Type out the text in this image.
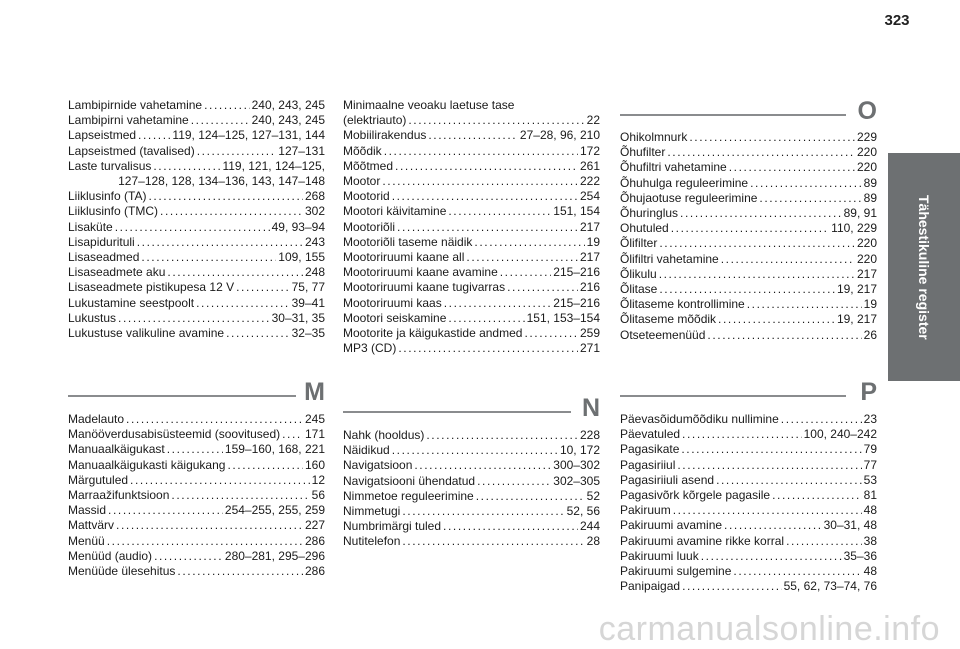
323
Tähestikuline register
Lambipirnide vahetamine .....	240, 243, 245
Lambipirni vahetamine .....	240, 243, 245
Lapseistmed .....	119, 124–125, 127–131, 144
Lapseistmed (tavalised) .....	127–131
Laste turvalisus .....	119, 121, 124–125,
127–128, 128, 134–136, 143, 147–148
Liiklusinfo (TA) .....	268
Liiklusinfo (TMC) .....	302
Lisaküte .....	49, 93–94
Lisapidurituli .....	243
Lisaseadmed .....	109, 155
Lisaseadmete aku .....	248
Lisaseadmete pistikupesa 12 V .....	75, 77
Lukustamine seestpoolt .....	39–41
Lukustus .....	30–31, 35
Lukustuse valikuline avamine .....	32–35
M
Madelauto .....	245
Manööverdusabisüsteemid (soovitused) ..... 171
Manuaalkäigukast .....	159–160, 168, 221
Manuaalkäigukasti käigukang .....	160
Märgutuled .....	12
Marraažifunktsioon .....	56
Massid .....	254–255, 255, 259
Mattvärv .....	227
Menüü .....	286
Menüüd (audio) .....	280–281, 295–296
Menüüde ülesehitus .....	286
Minimaalne veoaku laetuse tase
(elektriauto) .....	22
Mobiilirakendus .....	27–28, 96, 210
Mõõdik .....	172
Mõõtmed .....	261
Mootor .....	222
Mootorid .....	254
Mootori käivitamine .....	151, 154
Mootoriõli .....	217
Mootoriõli taseme näidik .....	19
Mootoriruumi kaane all .....	217
Mootoriruumi kaane avamine .....	215–216
Mootoriruumi kaane tugivarras .....	216
Mootoriruumi kaas .....	215–216
Mootori seiskamine .....	151, 153–154
Mootorite ja käigukastide andmed .....	259
MP3 (CD) .....	271
N
Nahk (hooldus) .....	228
Näidikud .....	10, 172
Navigatsioon .....	300–302
Navigatsiooni ühendatud .....	302–305
Nimmetoe reguleerimine .....	52
Nimmetugi .....	52, 56
Numbrimärgi tuled .....	244
Nutitelefon .....	28
O
Ohikolmnurk .....	229
Õhufilter .....	220
Õhufiltri vahetamine .....	220
Õhuhulga reguleerimine .....	89
Õhujaotuse reguleerimine .....	89
Õhuringlus .....	89, 91
Ohutuled .....	110, 229
Õlifilter .....	220
Õlifiltri vahetamine .....	220
Õlikulu .....	217
Õlitase .....	19, 217
Õlitaseme kontrollimine .....	19
Õlitaseme mõõdik .....	19, 217
Otseteemenüüd .....	26
P
Päevasõidumõõdiku nullimine .....	23
Päevatuled .....	100, 240–242
Pagasikate .....	79
Pagasiriiul .....	77
Pagasiriiuli asend .....	53
Pagasivõrk kõrgele pagasile .....	81
Pakiruum .....	48
Pakiruumi avamine .....	30–31, 48
Pakiruumi avamine rikke korral .....	38
Pakiruumi luuk .....	35–36
Pakiruumi sulgemine .....	48
Panipaigad .....	55, 62, 73–74, 76
carmanualsonline.info
